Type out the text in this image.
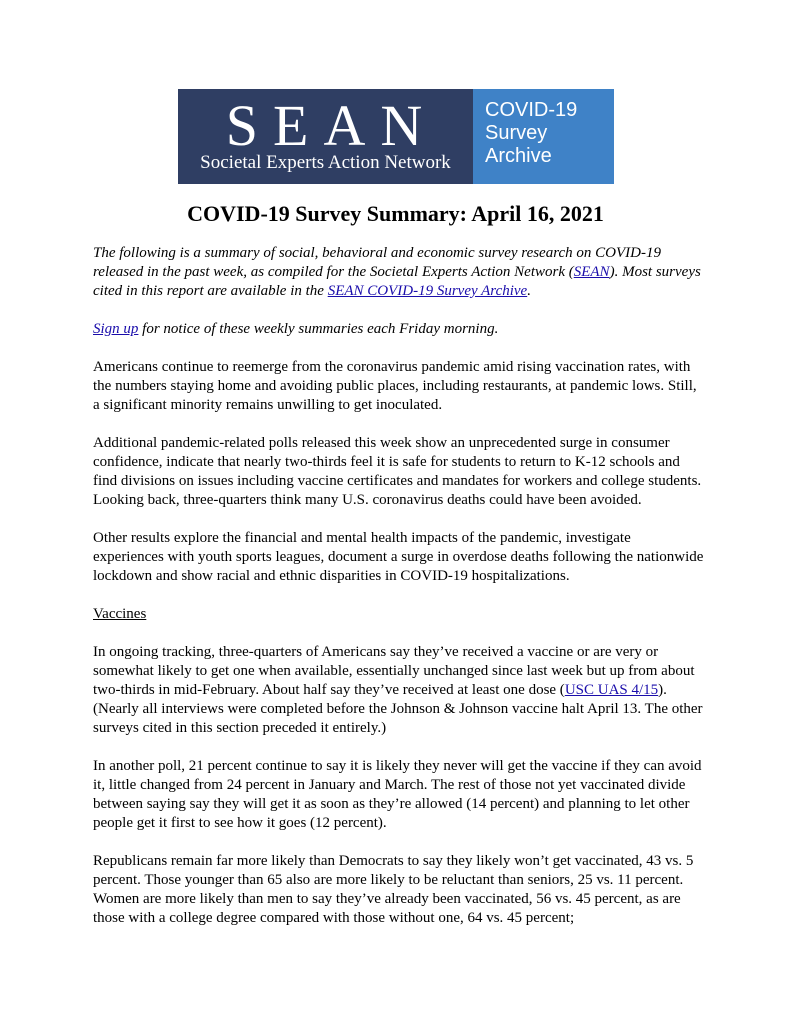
SEAN
Societal Experts Action Network
COVID-19
Survey
Archive
COVID-19 Survey Summary: April 16, 2021

The following is a summary of social, behavioral and economic survey research on COVID-19 released in the past week, as compiled for the Societal Experts Action Network (SEAN). Most surveys cited in this report are available in the SEAN COVID-19 Survey Archive.

Sign up for notice of these weekly summaries each Friday morning.

Americans continue to reemerge from the coronavirus pandemic amid rising vaccination rates, with the numbers staying home and avoiding public places, including restaurants, at pandemic lows. Still, a significant minority remains unwilling to get inoculated.

Additional pandemic-related polls released this week show an unprecedented surge in consumer confidence, indicate that nearly two-thirds feel it is safe for students to return to K-12 schools and find divisions on issues including vaccine certificates and mandates for workers and college students. Looking back, three-quarters think many U.S. coronavirus deaths could have been avoided.

Other results explore the financial and mental health impacts of the pandemic, investigate experiences with youth sports leagues, document a surge in overdose deaths following the nationwide lockdown and show racial and ethnic disparities in COVID-19 hospitalizations.

Vaccines

In ongoing tracking, three-quarters of Americans say they’ve received a vaccine or are very or somewhat likely to get one when available, essentially unchanged since last week but up from about two-thirds in mid-February. About half say they’ve received at least one dose (USC UAS 4/15). (Nearly all interviews were completed before the Johnson & Johnson vaccine halt April 13. The other surveys cited in this section preceded it entirely.)

In another poll, 21 percent continue to say it is likely they never will get the vaccine if they can avoid it, little changed from 24 percent in January and March. The rest of those not yet vaccinated divide between saying say they will get it as soon as they’re allowed (14 percent) and planning to let other people get it first to see how it goes (12 percent).

Republicans remain far more likely than Democrats to say they likely won’t get vaccinated, 43 vs. 5 percent. Those younger than 65 also are more likely to be reluctant than seniors, 25 vs. 11 percent. Women are more likely than men to say they’ve already been vaccinated, 56 vs. 45 percent, as are those with a college degree compared with those without one, 64 vs. 45 percent;
